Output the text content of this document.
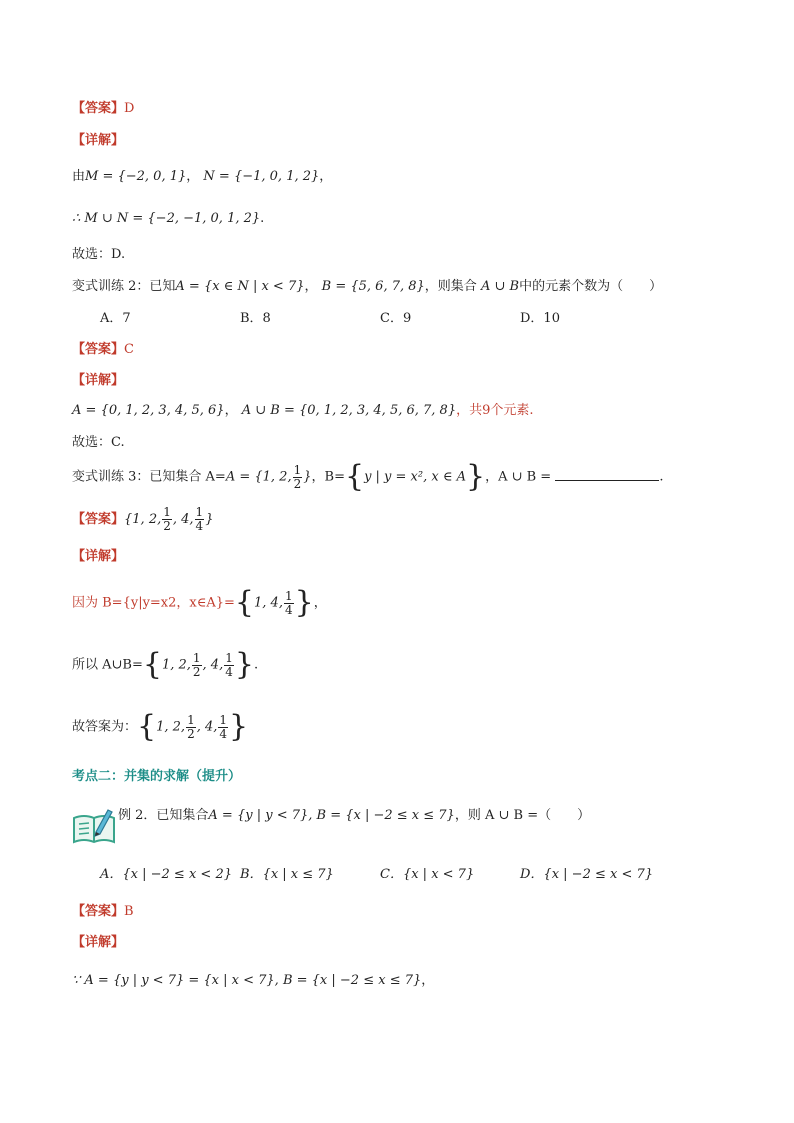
【答案】D
【详解】
由M = {−2, 0, 1}， N = {−1, 0, 1, 2}，
∴ M ∪ N = {−2, −1, 0, 1, 2}.
故选：D.
变式训练 2：已知A = {x ∈ N | x < 7}， B = {5, 6, 7, 8}，则集合 A ∪ B中的元素个数为（　　）
A．7	B．8	C．9	D．10
【答案】C
【详解】
A = {0, 1, 2, 3, 4, 5, 6}， A ∪ B = {0, 1, 2, 3, 4, 5, 6, 7, 8}，共9个元素.
故选：C.
变式训练 3：已知集合 A=A = {1, 2, $\frac{1}{2}$ }，B={y | y = x², x ∈ A}，A ∪ B =	.
【答案】{1, 2, $\frac{1}{2}$ , 4, $\frac{1}{4}$ }
【详解】
因为 B={y|y=x2，x∈A}={1, 4, $\frac{1}{4}$ }，
所以 A∪B={1, 2, $\frac{1}{2}$ , 4, $\frac{1}{4}$ }.
故答案为：{1, 2, $\frac{1}{2}$ , 4, $\frac{1}{4}$ }
考点二：并集的求解（提升）
例 2．已知集合A = {y | y < 7}, B = {x | −2 ≤ x ≤ 7}，则 A ∪ B =（　　）
A．{x | −2 ≤ x < 2} B．{x | x ≤ 7}	C．{x | x < 7}	D．{x | −2 ≤ x < 7}
【答案】B
【详解】
∵ A = {y | y < 7} = {x | x < 7}, B = {x | −2 ≤ x ≤ 7}，
